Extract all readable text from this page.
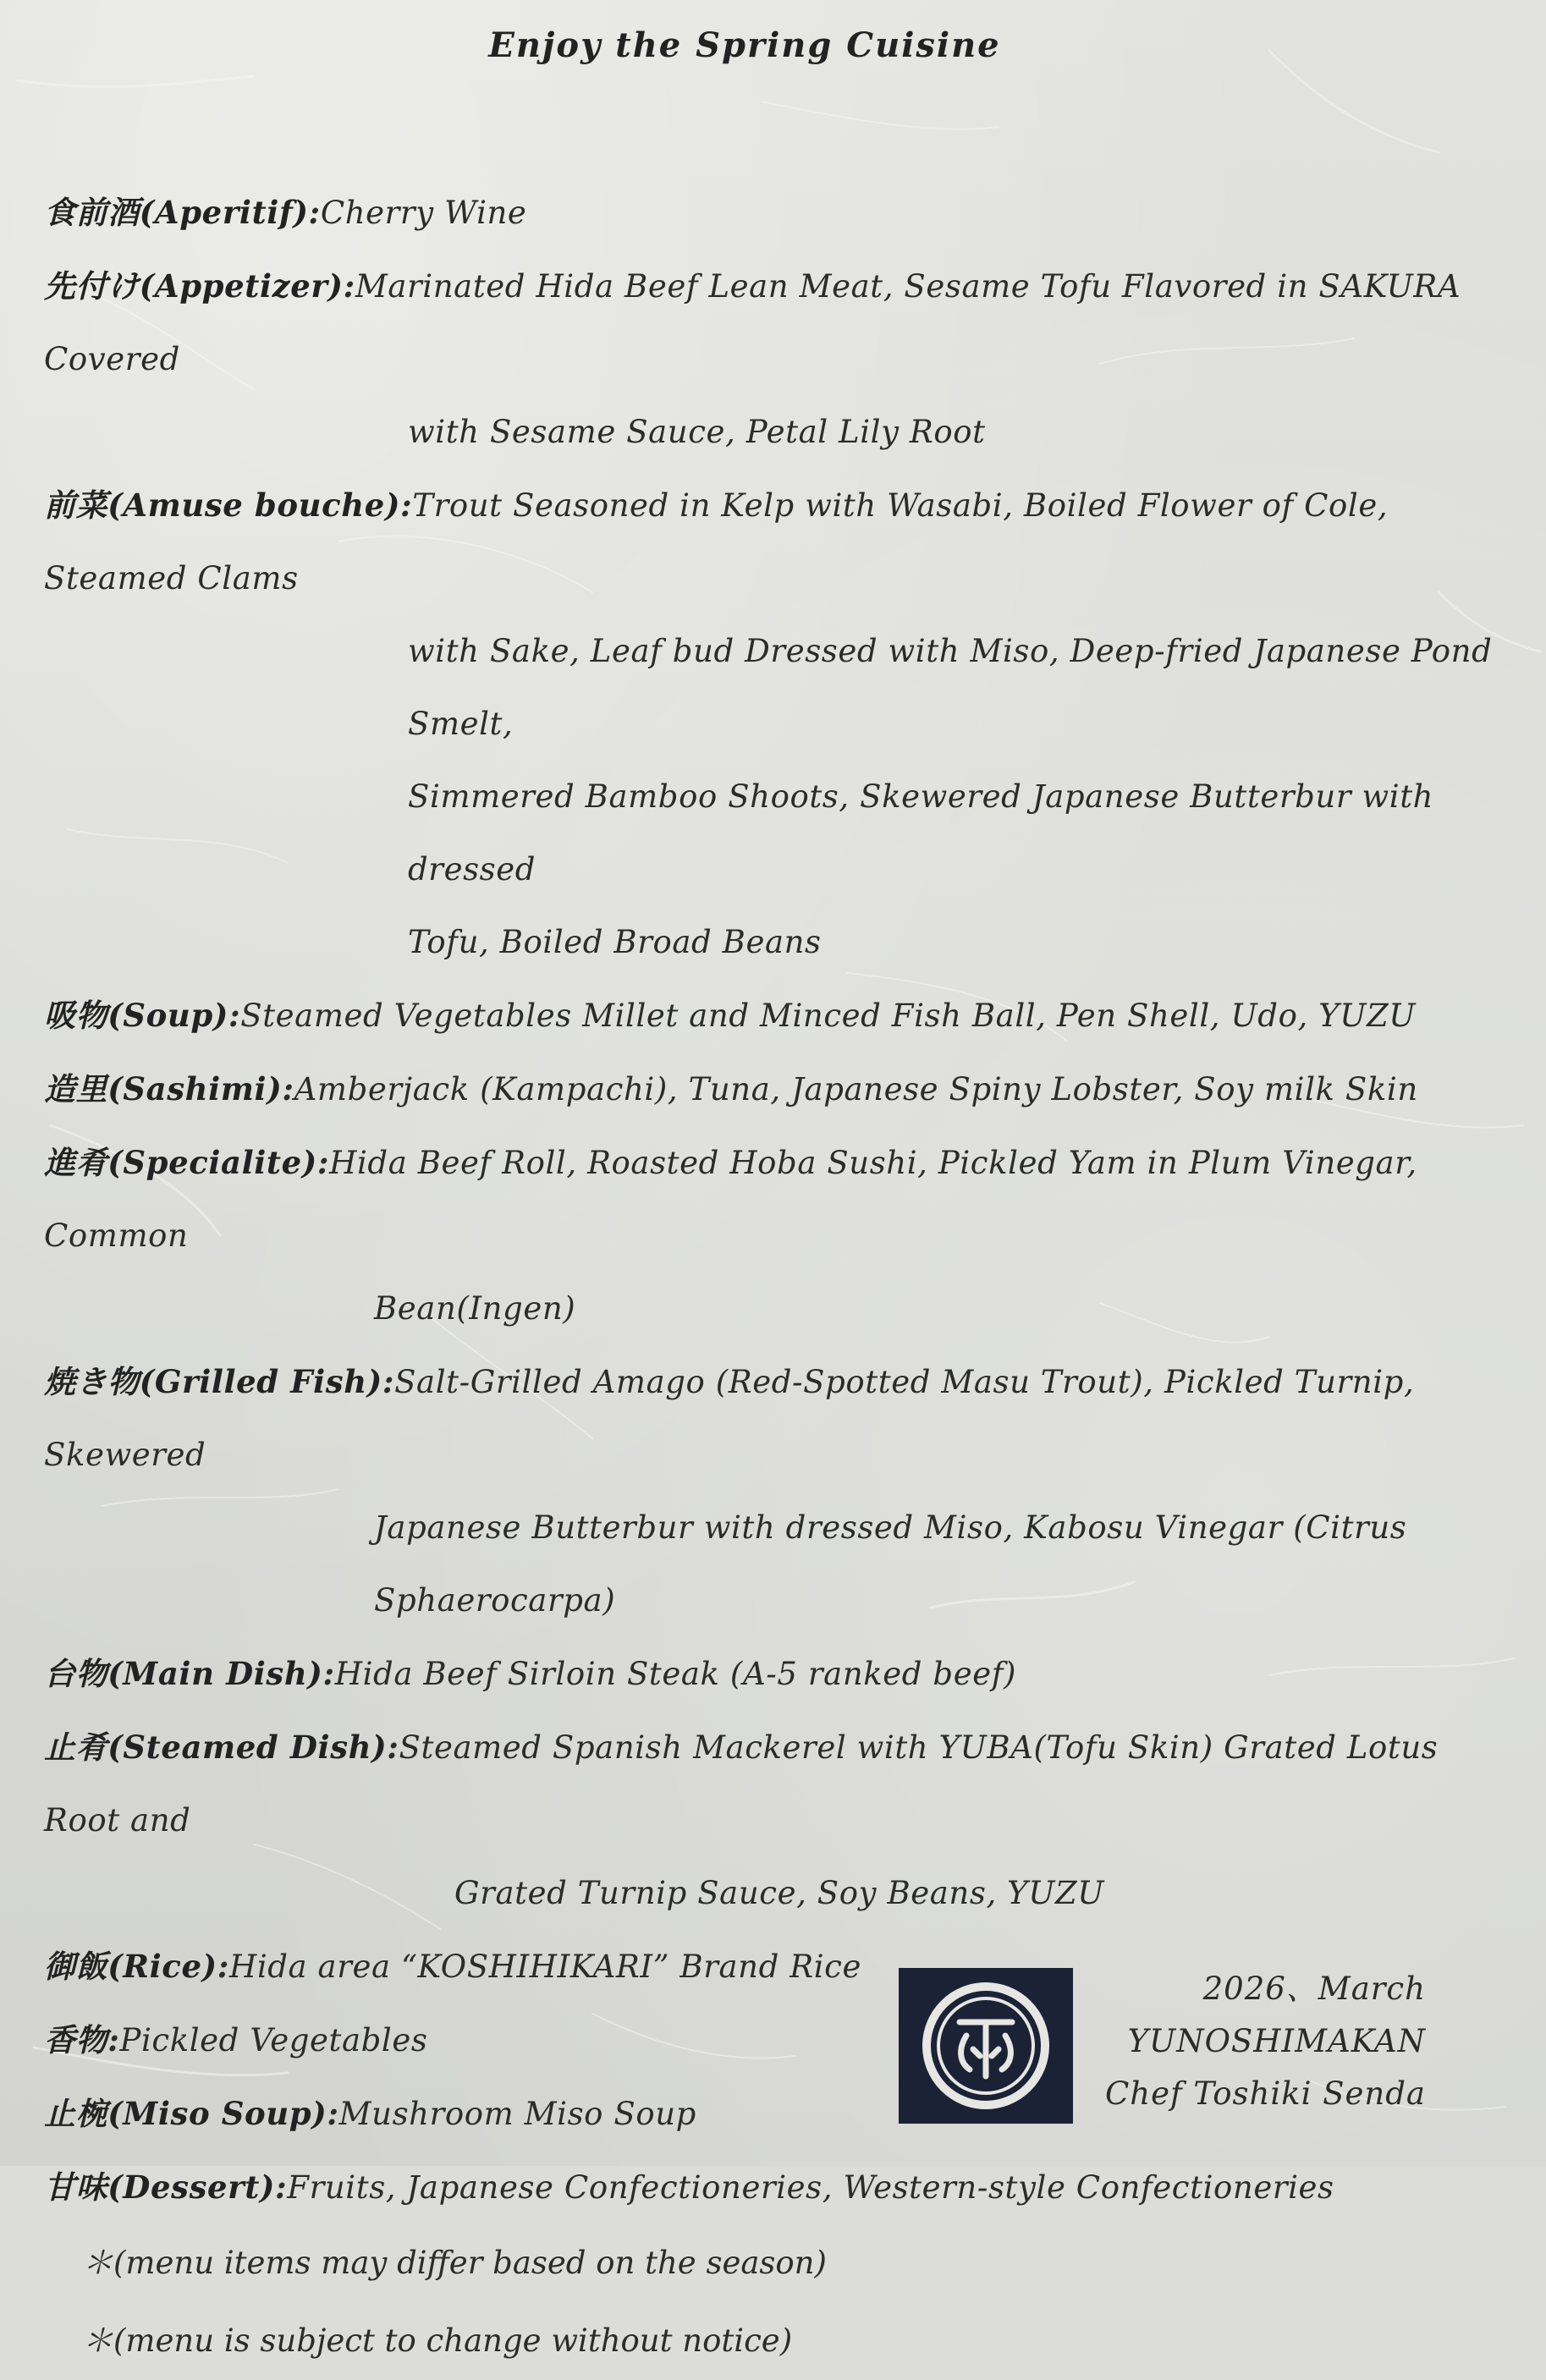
Enjoy the Spring Cuisine
食前酒(Aperitif):Cherry Wine
先付け(Appetizer):Marinated Hida Beef Lean Meat, Sesame Tofu Flavored in SAKURA Covered
with Sesame Sauce, Petal Lily Root
前菜(Amuse bouche):Trout Seasoned in Kelp with Wasabi, Boiled Flower of Cole, Steamed Clams
with Sake, Leaf bud Dressed with Miso, Deep-fried Japanese Pond Smelt,
Simmered Bamboo Shoots, Skewered Japanese Butterbur with dressed
Tofu, Boiled Broad Beans
吸物(Soup):Steamed Vegetables Millet and Minced Fish Ball, Pen Shell, Udo, YUZU
造里(Sashimi):Amberjack (Kampachi), Tuna, Japanese Spiny Lobster, Soy milk Skin
進肴(Specialite):Hida Beef Roll, Roasted Hoba Sushi, Pickled Yam in Plum Vinegar, Common
Bean(Ingen)
焼き物(Grilled Fish):Salt-Grilled Amago (Red-Spotted Masu Trout), Pickled Turnip, Skewered
Japanese Butterbur with dressed Miso, Kabosu Vinegar (Citrus
Sphaerocarpa)
台物(Main Dish):Hida Beef Sirloin Steak (A-5 ranked beef)
止肴(Steamed Dish):Steamed Spanish Mackerel with YUBA(Tofu Skin) Grated Lotus Root and
Grated Turnip Sauce, Soy Beans, YUZU
御飯(Rice):Hida area “KOSHIHIKARI” Brand Rice
香物:Pickled Vegetables
止椀(Miso Soup):Mushroom Miso Soup
甘味(Dessert):Fruits, Japanese Confectioneries, Western-style Confectioneries
＊(menu items may differ based on the season)
＊(menu is subject to change without notice)
2026、March
YUNOSHIMAKAN
Chef Toshiki Senda
